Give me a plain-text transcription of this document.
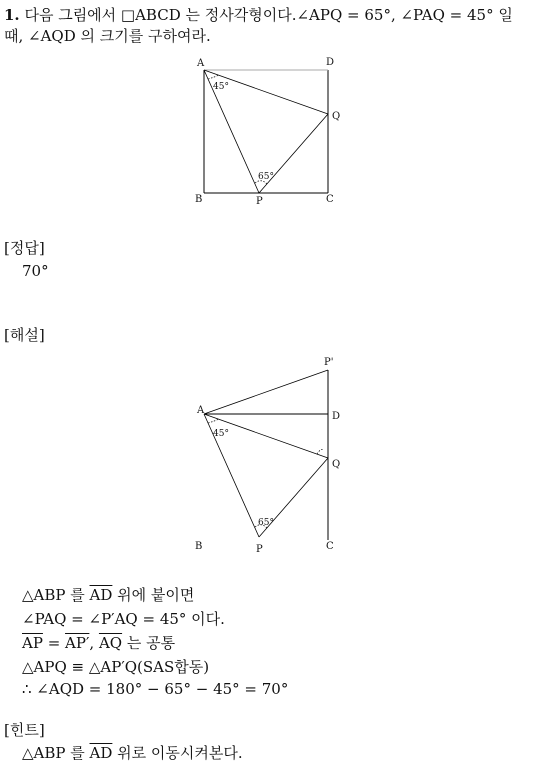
1. 다음 그림에서 □ABCD 는 정사각형이다.∠APQ = 65°, ∠PAQ = 45° 일
때, ∠AQD 의 크기를 구하여라.
A	D
Q
B	P	C
45°
65°
[정답]
70°
[해설]
P'
A
D
Q
B	P	C
45°
65°
△ABP 를 $\overline{AD}$ 위에 붙이면
∠PAQ = ∠P′AQ = 45° 이다.
$\overline{AP} = AP'$, $\overline{AQ}$ 는 공통
△APQ ≡ △AP′Q(SAS합동)
∴ ∠AQD = 180° − 65° − 45° = 70°
[힌트]
△ABP 를 $\overline{AD}$ 위로 이동시켜본다.
